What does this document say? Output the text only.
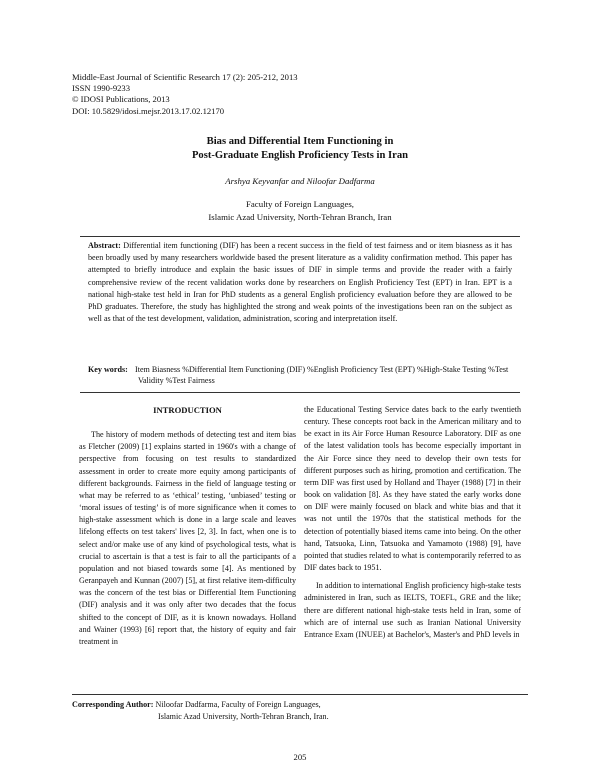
Middle-East Journal of Scientific Research 17 (2): 205-212, 2013
ISSN 1990-9233
© IDOSI Publications, 2013
DOI: 10.5829/idosi.mejsr.2013.17.02.12170
Bias and Differential Item Functioning in
Post-Graduate English Proficiency Tests in Iran
Arshya Keyvanfar and Niloofar Dadfarma
Faculty of Foreign Languages,
Islamic Azad University, North-Tehran Branch, Iran
Abstract: Differential item functioning (DIF) has been a recent success in the field of test fairness and or item biasness as it has been broadly used by many researchers worldwide based the present literature as a validity confirmation method. This paper has attempted to briefly introduce and explain the basic issues of DIF in simple terms and provide the reader with a fairly comprehensive review of the recent validation works done by researchers on English Proficiency Test (EPT) in Iran. EPT is a national high-stake test held in Iran for PhD students as a general English proficiency evaluation before they are allowed to be PhD graduates. Therefore, the study has highlighted the strong and weak points of the investigations been ran on the subject as well as that of the test development, validation, administration, scoring and interpretation itself.
Key words: Item Biasness %Differential Item Functioning (DIF) %English Proficiency Test (EPT) %High-Stake Testing %Test Validity %Test Fairness
INTRODUCTION

The history of modern methods of detecting test and item bias as Fletcher (2009) [1] explains started in 1960's with a change of perspective from focusing on test results to standardized assessment in order to create more equity among participants of different backgrounds. Fairness in the field of language testing or what may be referred to as ‘ethical’ testing, ‘unbiased’ testing or ‘moral issues of testing’ is of more significance when it comes to high-stake assessment which is done in a large scale and leaves lifelong effects on test takers' lives [2, 3]. In fact, when one is to select and/or make use of any kind of psychological tests, what is crucial to ascertain is that a test is fair to all the participants of a population and not biased towards some [4]. As mentioned by Geranpayeh and Kunnan (2007) [5], at first relative item-difficulty was the concern of the test bias or Differential Item Functioning (DIF) analysis and it was only after two decades that the focus shifted to the concept of DIF, as it is known nowadays. Holland and Wainer (1993) [6] report that, the history of equity and fair treatment in

the Educational Testing Service dates back to the early twentieth century. These concepts root back in the American military and to be exact in its Air Force Human Resource Laboratory. DIF as one of the latest validation tools has become especially important in the Air Force since they need to develop their own tests for different purposes such as hiring, promotion and certification. The term DIF was first used by Holland and Thayer (1988) [7] in their book on validation [8]. As they have stated the early works done on DIF were mainly focused on black and white bias and that it was not until the 1970s that the statistical methods for the detection of potentially biased items came into being. On the other hand, Tatsuoka, Linn, Tatsuoka and Yamamoto (1988) [9], have pointed that studies related to what is contemporarily referred to as DIF dates back to 1951.

In addition to international English proficiency high-stake tests administered in Iran, such as IELTS, TOEFL, GRE and the like; there are different national high-stake tests held in Iran, some of which are of internal use such as Iranian National University Entrance Exam (INUEE) at Bachelor's, Master's and PhD levels in

Corresponding Author: Niloofar Dadfarma, Faculty of Foreign Languages,
Islamic Azad University, North-Tehran Branch, Iran.
205
